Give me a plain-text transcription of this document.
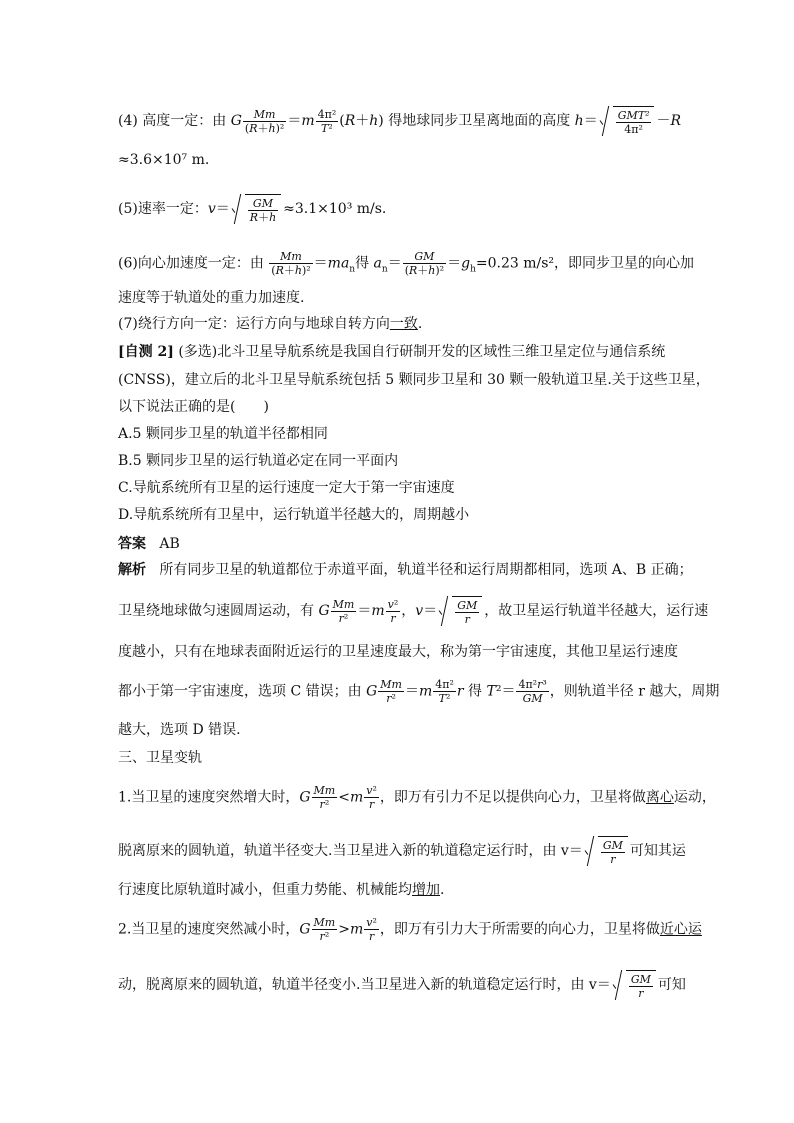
(4) 高度一定：由 G $\frac{Mm}{\text{(R＋h)²}} =m \frac{\text{4π²}}{\text{T²}} (R+h)$ 得地球同步卫星离地面的高度 $h= \frac{\text{GMT²}}{\text{4π²}} -R$
≈3.6×10⁷ m.
(5)速率一定：$v= \frac{GM}{R+h} \approx 3.1\times 10^3$ m/s.
(6)向心加速度一定：由 $\frac{Mm}{\text{(R＋h)²}} =ma_n$得 $a_n= \frac{GM}{\text{(R＋h)²}} =g_h=0.23$ m/s²，即同步卫星的向心加
速度等于轨道处的重力加速度.
(7)绕行方向一定：运行方向与地球自转方向一致.
[自测 2] (多选)北斗卫星导航系统是我国自行研制开发的区域性三维卫星定位与通信系统
(CNSS)，建立后的北斗卫星导航系统包括 5 颗同步卫星和 30 颗一般轨道卫星.关于这些卫星，
以下说法正确的是(　　)
A.5 颗同步卫星的轨道半径都相同
B.5 颗同步卫星的运行轨道必定在同一平面内
C.导航系统所有卫星的运行速度一定大于第一宇宙速度
D.导航系统所有卫星中，运行轨道半径越大的，周期越小
答案 AB
解析 所有同步卫星的轨道都位于赤道平面，轨道半径和运行周期都相同，选项 A、B 正确；
卫星绕地球做匀速圆周运动，有 G $\frac{Mm}{\text{r²}} =m \frac{\text{v²}}{r}$ ，$v= \frac{GM}{r}$ ，故卫星运行轨道半径越大，运行速
度越小，只有在地球表面附近运行的卫星速度最大，称为第一宇宙速度，其他卫星运行速度
都小于第一宇宙速度，选项 C 错误；由 G $\frac{Mm}{\text{r²}} =m \frac{\text{4π²}}{\text{T²}}$ r 得 $T^2= \frac{\text{4π²r³}}{GM}$ ，则轨道半径 r 越大，周期
越大，选项 D 错误.
三、卫星变轨
1.当卫星的速度突然增大时，G $\frac{Mm}{\text{r²}} <m \frac{\text{v²}}{r}$ ，即万有引力不足以提供向心力，卫星将做离心运动，
脱离原来的圆轨道，轨道半径变大.当卫星进入新的轨道稳定运行时，由 $v= \frac{GM}{r}$ 可知其运
行速度比原轨道时减小，但重力势能、机械能均增加.
2.当卫星的速度突然减小时，G $\frac{Mm}{\text{r²}} >m \frac{\text{v²}}{r}$ ，即万有引力大于所需要的向心力，卫星将做近心运
动，脱离原来的圆轨道，轨道半径变小.当卫星进入新的轨道稳定运行时，由 $v= \frac{GM}{r}$ 可知
